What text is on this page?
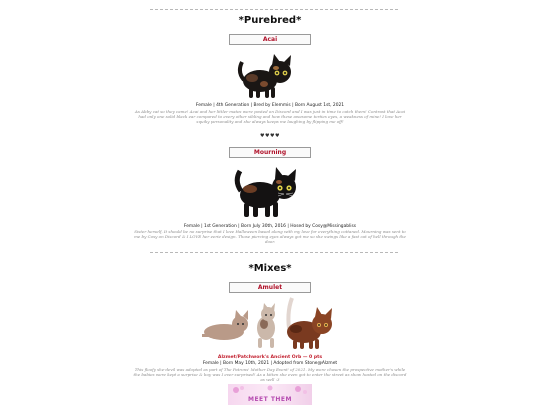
*Purebred*
Acai
Female | 4th Generation | Bred by Elemmis | Born August 1st, 2021
As Abby cat so they came! Acai and her littler mates were posted on Discord and I was just in time to catch them! Contrast that Acai had only one solid black ear compared to every other sibling and how these awesome torties eyes, a weakness of mine! I love her squiky personality and she always keeps me laughing by flipping me off!
♥♥♥♥
Mourning
Female | 1st Generation | Born July 30th, 2016 | Hosed by Cosy@Missingabliss
Sister herself, It should be no surprise that I love Halloween based along with my love for everything cottaned. Mourning was sent to me by Cosy on Discord & I LOVE her eerie design. Those piercing eyes always got me so she swings like a fast cat of hell through the door.
*Mixes*
Amulet
Alzmet/Patchwork's Ancient Orb — 0 pts
Female | Born May 10th, 2021 | Adopted from Stone@Alzmet
This floofy she-devil was adopted as part of The Patrons' Mother Day Event' of 2021. My wore chosen the prospective mother's while the babies were kept a surprise & boy was I ever surprised! As a kitten she even got to enter the street as show hosted on the discord as well :3
MEET THEM
